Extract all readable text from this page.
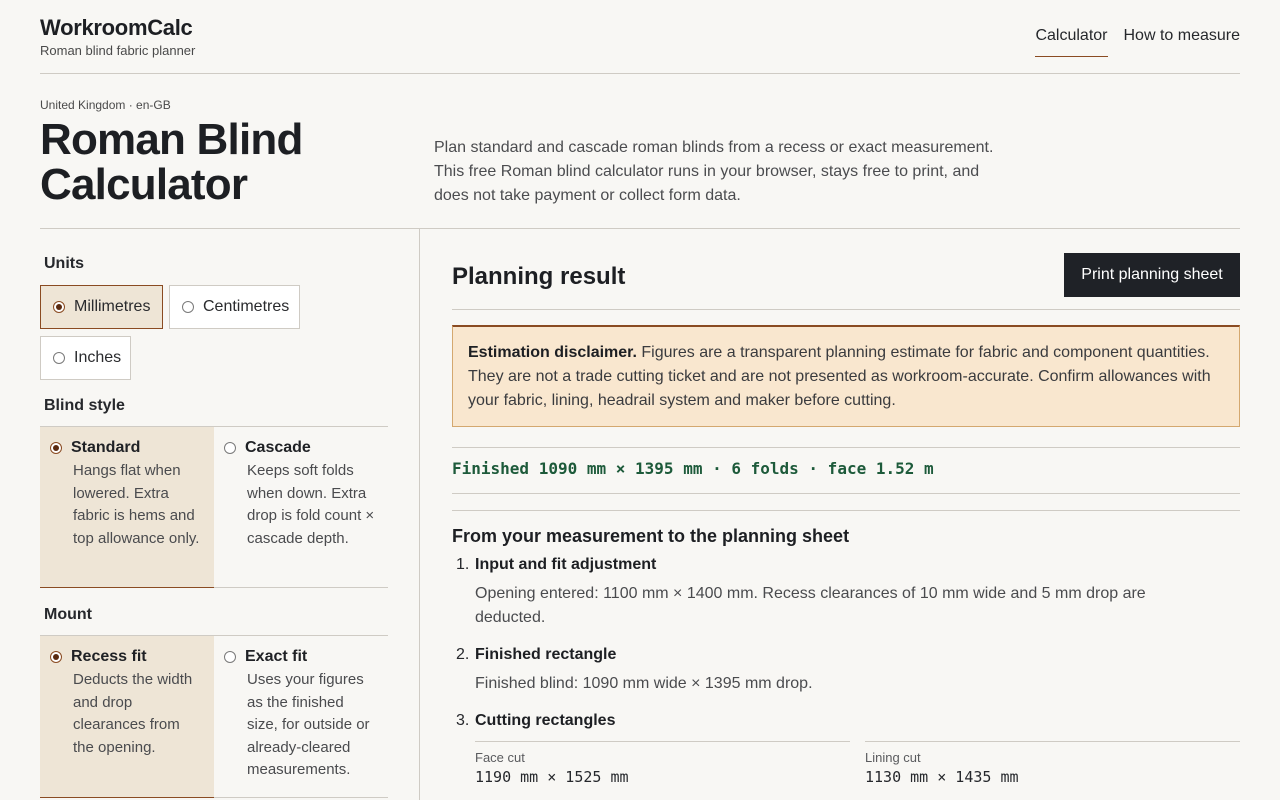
WorkroomCalc
Roman blind fabric planner
Calculator How to measure
United Kingdom · en-GB
Roman Blind Calculator

Plan standard and cascade roman blinds from a recess or exact measurement. This free Roman blind calculator runs in your browser, stays free to print, and does not take payment or collect form data.

Units
Millimetres	Centimetres
Inches
Blind style
Standard
Hangs flat when lowered. Extra fabric is hems and top allowance only.
Cascade
Keeps soft folds when down. Extra drop is fold count × cascade depth.
Mount
Recess fit
Deducts the width and drop clearances from the opening.
Exact fit
Uses your figures as the finished size, for outside or already-cleared measurements.
Planning result	Print planning sheet
Estimation disclaimer. Figures are a transparent planning estimate for fabric and component quantities. They are not a trade cutting ticket and are not presented as workroom-accurate. Confirm allowances with your fabric, lining, headrail system and maker before cutting.
Finished 1090 mm × 1395 mm · 6 folds · face 1.52 m
From your measurement to the planning sheet
1. Input and fit adjustment

Opening entered: 1100 mm × 1400 mm. Recess clearances of 10 mm wide and 5 mm drop are deducted.

2. Finished rectangle

Finished blind: 1090 mm wide × 1395 mm drop.

3. Cutting rectangles
Face cut
1190 mm × 1525 mm
Lining cut
1130 mm × 1435 mm
